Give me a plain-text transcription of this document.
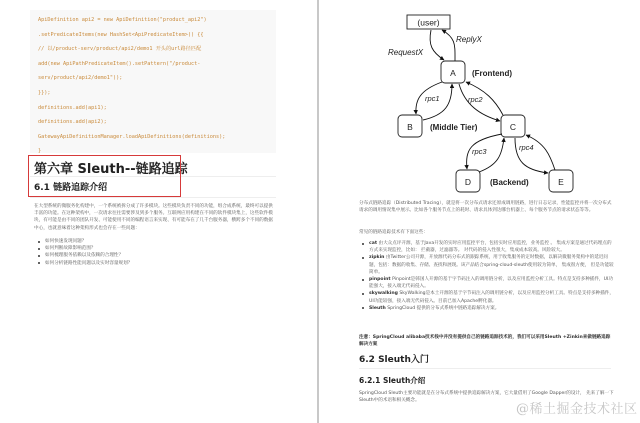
ApiDefinition api2 = new ApiDefinition("product_api2")
.setPredicateItems(new HashSet<ApiPredicateItem>() {{
// 以/product-serv/product/api2/demo1 开头的url路径匹配
add(new ApiPathPredicateItem().setPattern("/product-
serv/product/api2/demo1"));
}});
definitions.add(api1);
definitions.add(api2);
GatewayApiDefinitionManager.loadApiDefinitions(definitions);
}
第六章 Sleuth--链路追踪
6.1 链路追踪介绍

在大型系统的微服务化构建中，一个系统被拆分成了许多模块。这些模块负责不同的功能，组合成系统，最终可以提供丰富的功能。在这种架构中，一次请求往往需要涉及到多个服务。互联网应用构建在不同的软件模块集上，这些软件模块，有可能是由不同的团队开发、可能使用不同的编程语言来实现、有可能布在了几千台服务器，横跨多个不同的数据中心，也就意味着这种架构形式也会存在一些问题：

如何快速发现问题？
如何判断故障影响范围？
如何梳理服务依赖以及依赖的合理性？
如何分析链路性能问题以及实时容量规划？
(user)
RequestX
ReplyX
A (Frontend)
B (Middle Tier)	C
D (Backend)	E
rpc1	rpc2
rpc3	rpc4

分布式链路追踪（Distributed Tracing），就是将一次分布式请求还原成调用链路，进行日志记录，性能监控并将一次分布式请求的调用情况集中展示。比如各个服务节点上的耗时、请求具体到达哪台机器上、每个服务节点的请求状态等等。

常见的链路追踪技术有下面这些：

cat 由大众点评开源，基于Java开发的实时应用监控平台，包括实时应用监控，业务监控 。 集成方案是通过代码埋点的方式来实现监控，比如： 拦截器，过滤器等。 对代码的侵入性很大，集成成本较高。风险较大。
zipkin 由Twitter公司开源，开放源代码分布式的跟踪系统，用于收集服务的定时数据，以解决微服务架构中的延迟问题，包括：数据的收集、存储、查找和展现。该产品结合spring-cloud-sleuth使用较为简单， 集成很方便， 但是功能较简单。
pinpoint Pinpoint是韩国人开源的基于字节码注入的调用链分析，以及应用监控分析工具。特点是支持多种插件，UI功能强大，接入端无代码侵入。
skywalking SkyWalking是本土开源的基于字节码注入的调用链分析，以及应用监控分析工具。特点是支持多种插件，UI功能较强，接入端无代码侵入。目前已加入Apache孵化器。
Sleuth SpringCloud 提供的分布式系统中链路追踪解决方案。

注意：SpringCloud alibaba技术栈中并没有提供自己的链路追踪技术的，我们可以采用Sleuth +Zinkin来做链路追踪解决方案

6.2 Sleuth入门
6.2.1 Sleuth介绍

SpringCloud Sleuth主要功能就是在分布式系统中提供追踪解决方案，它大量借用了Google Dapper的设计， 先来了解一下Sleuth中的术语和相关概念。

@稀土掘金技术社区
